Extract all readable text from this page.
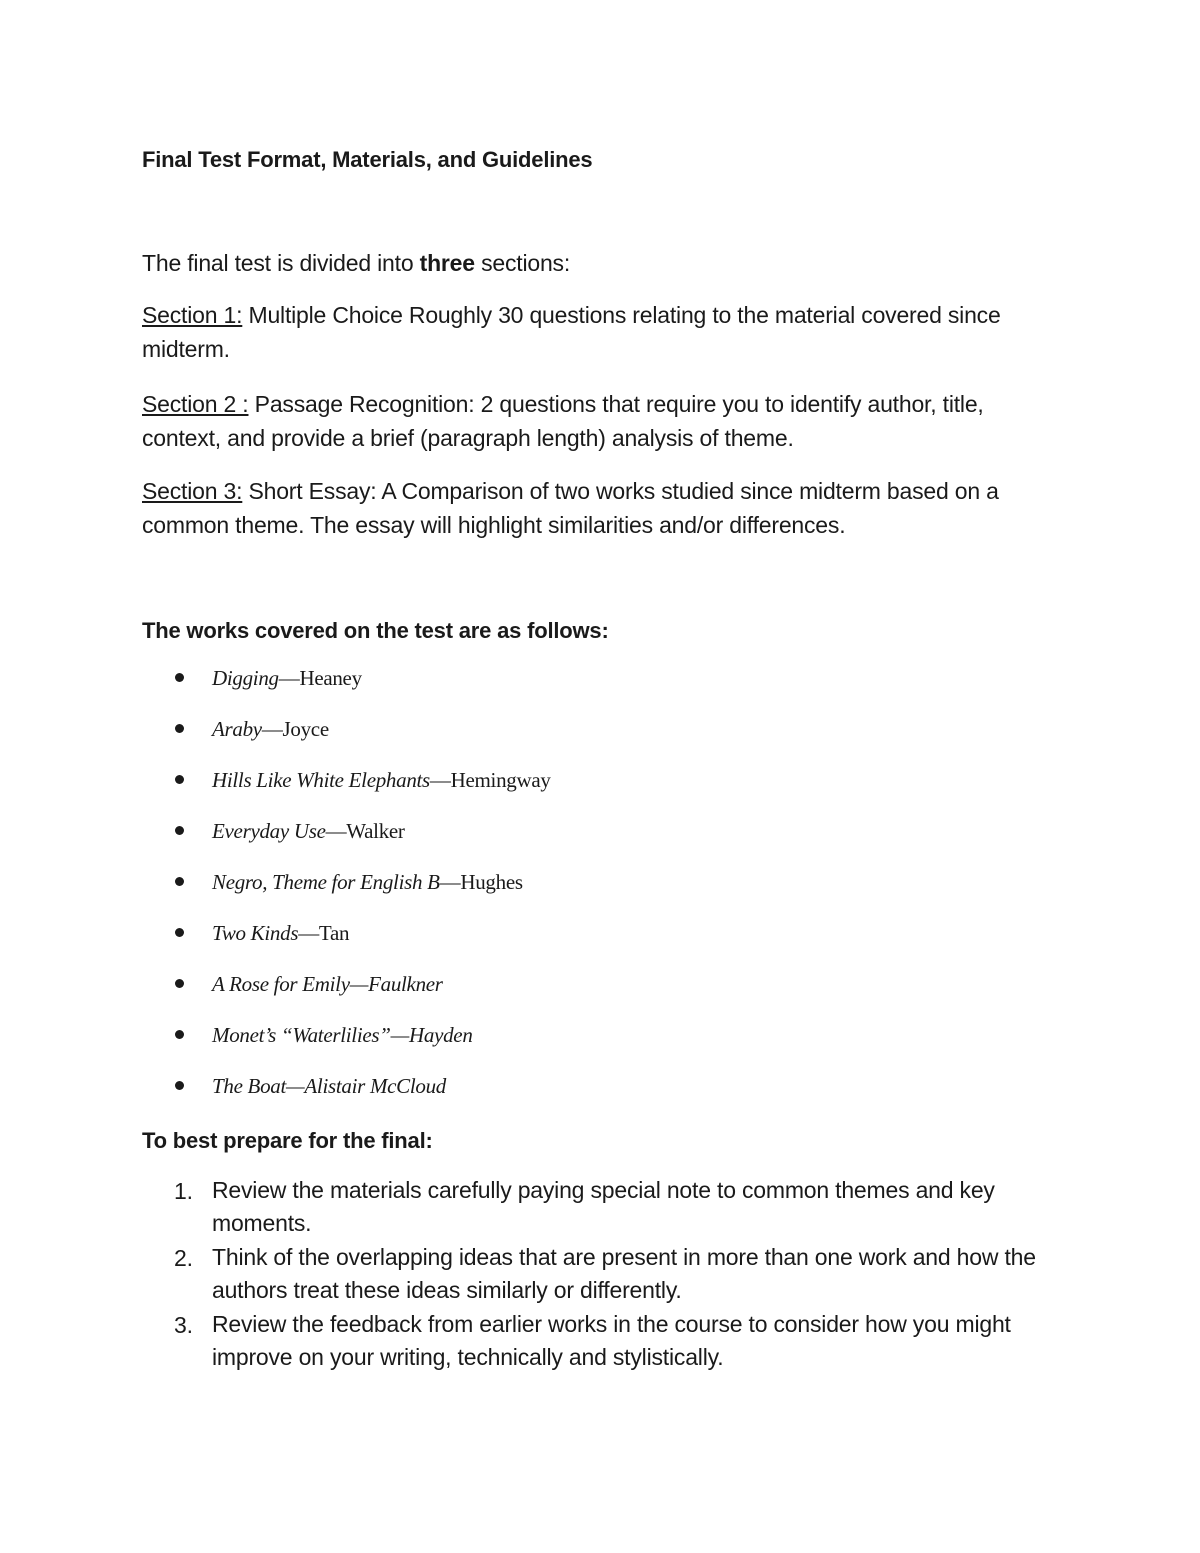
Final Test Format, Materials, and Guidelines

The final test is divided into three sections:

Section 1: Multiple Choice Roughly 30 questions relating to the material covered since midterm.

Section 2 : Passage Recognition: 2 questions that require you to identify author, title, context, and provide a brief (paragraph length) analysis of theme.

Section 3: Short Essay: A Comparison of two works studied since midterm based on a common theme. The essay will highlight similarities and/or differences.

The works covered on the test are as follows:
Digging—Heaney
Araby—Joyce
Hills Like White Elephants—Hemingway
Everyday Use—Walker
Negro, Theme for English B—Hughes
Two Kinds—Tan
A Rose for Emily—Faulkner
Monet’s “Waterlilies”—Hayden
The Boat—Alistair McCloud
To best prepare for the final:
1. Review the materials carefully paying special note to common themes and key moments.
2. Think of the overlapping ideas that are present in more than one work and how the authors treat these ideas similarly or differently.
3. Review the feedback from earlier works in the course to consider how you might improve on your writing, technically and stylistically.
